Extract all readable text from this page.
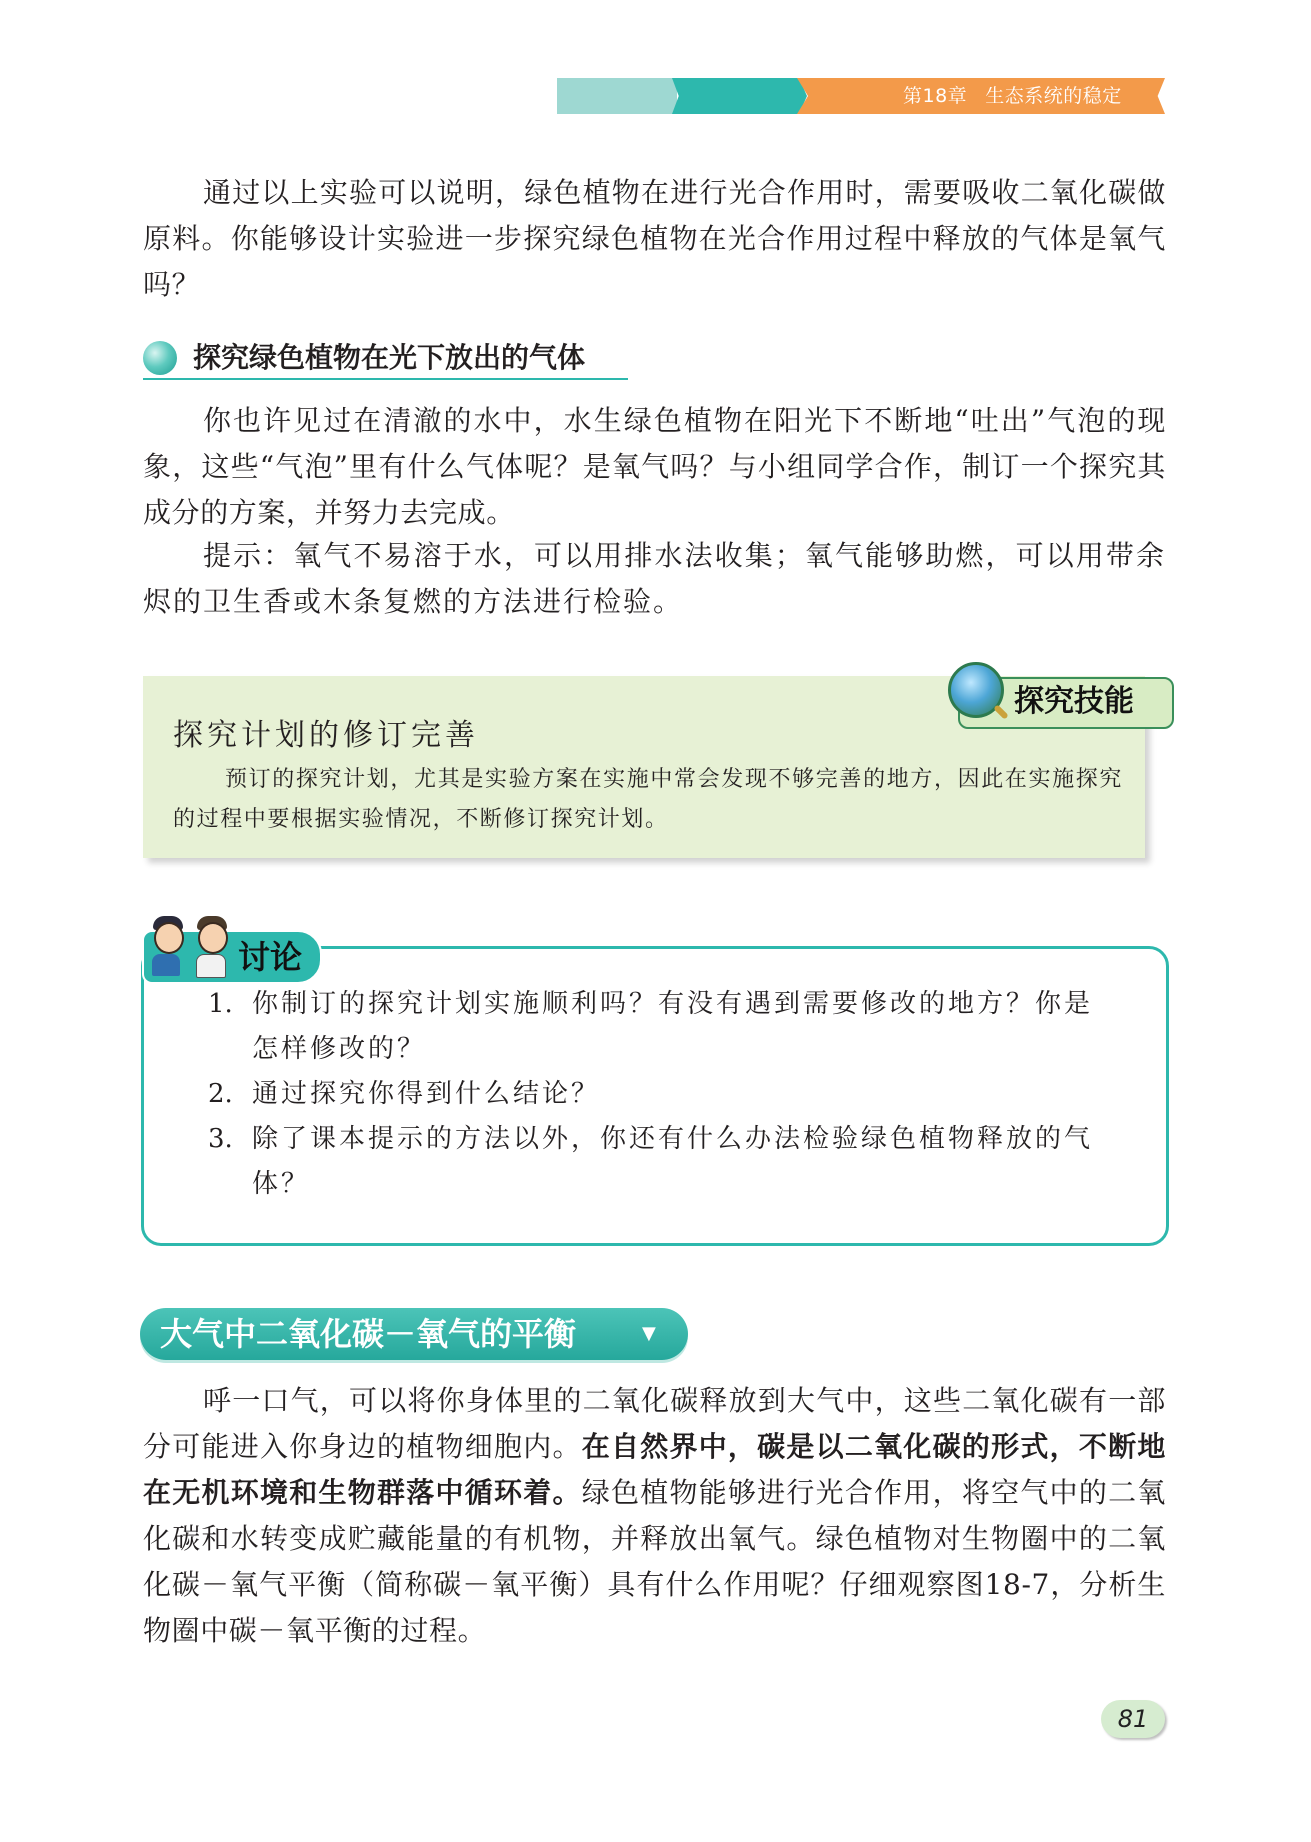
第18章 生态系统的稳定

通过以上实验可以说明，绿色植物在进行光合作用时，需要吸收二氧化碳做原料。你能够设计实验进一步探究绿色植物在光合作用过程中释放的气体是氧气吗？

探究绿色植物在光下放出的气体

你也许见过在清澈的水中，水生绿色植物在阳光下不断地“吐出”气泡的现象，这些“气泡”里有什么气体呢？是氧气吗？与小组同学合作，制订一个探究其成分的方案，并努力去完成。

提示：氧气不易溶于水，可以用排水法收集；氧气能够助燃，可以用带余烬的卫生香或木条复燃的方法进行检验。

探究计划的修订完善

预订的探究计划，尤其是实验方案在实施中常会发现不够完善的地方，因此在实施探究的过程中要根据实验情况，不断修订探究计划。

探究技能
讨论
1. 你制订的探究计划实施顺利吗？有没有遇到需要修改的地方？你是怎样修改的？
2. 通过探究你得到什么结论？
3. 除了课本提示的方法以外，你还有什么办法检验绿色植物释放的气体？
大气中二氧化碳－氧气的平衡	▼

呼一口气，可以将你身体里的二氧化碳释放到大气中，这些二氧化碳有一部分可能进入你身边的植物细胞内。在自然界中，碳是以二氧化碳的形式，不断地在无机环境和生物群落中循环着。绿色植物能够进行光合作用，将空气中的二氧化碳和水转变成贮藏能量的有机物，并释放出氧气。绿色植物对生物圈中的二氧化碳－氧气平衡（简称碳－氧平衡）具有什么作用呢？仔细观察图18-7，分析生物圈中碳－氧平衡的过程。

81
